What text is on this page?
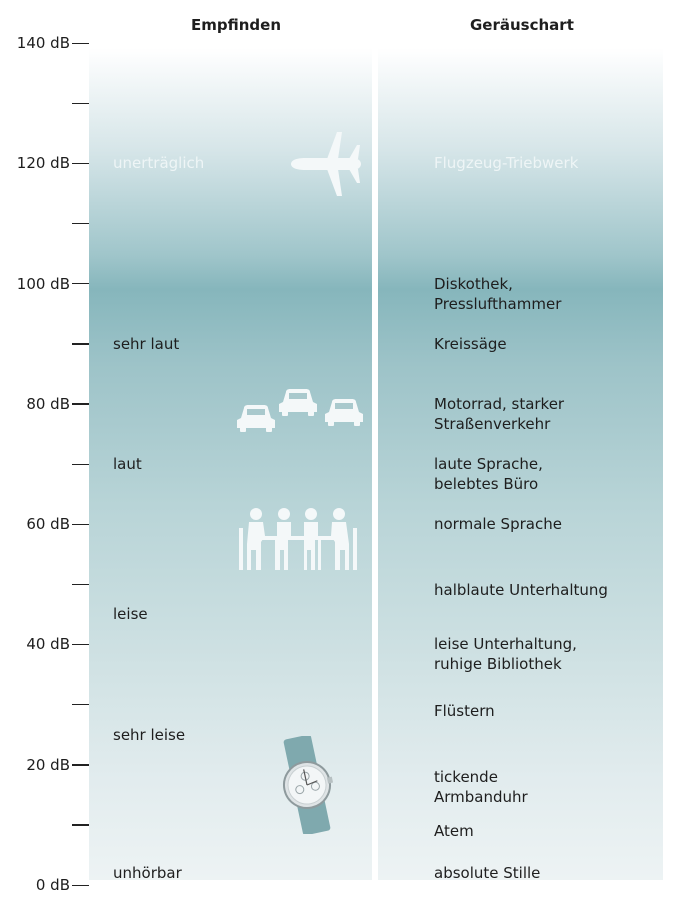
Empfinden	Geräuschart
0 dB
20 dB
40 dB
60 dB
80 dB
100 dB
120 dB
140 dB
unerträglich
sehr laut
laut
leise
sehr leise
unhörbar
Flugzeug-Triebwerk
Diskothek,
Presslufthammer
Kreissäge
Motorrad, starker
Straßenverkehr
laute Sprache,
belebtes Büro
normale Sprache
halblaute Unterhaltung
leise Unterhaltung,
ruhige Bibliothek
Flüstern
tickende
Armbanduhr
Atem
absolute Stille
